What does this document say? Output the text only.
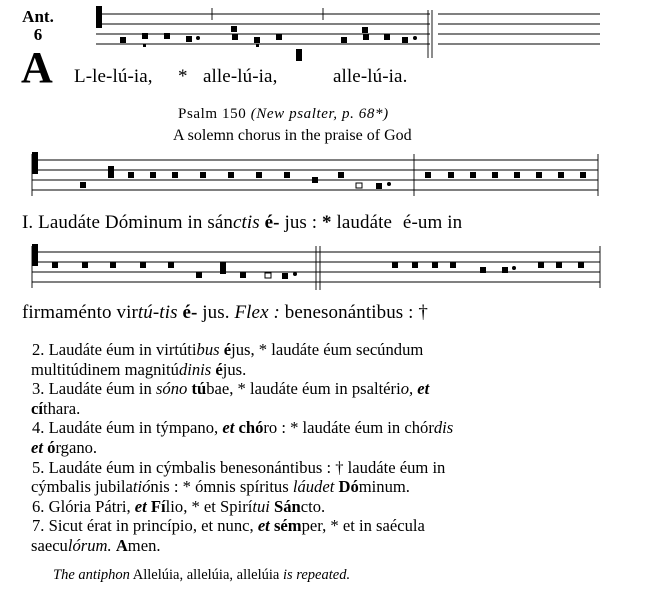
Ant.
6
A L-le-lú-ia, * alle-lú-ia,	alle-lú-ia.
Psalm 150 (New psalter, p. 68*)
A solemn chorus in the praise of God
I. Laudáte Dóminum in sánctis é- jus : * laudáte é-um in
firmaménto virtú-tis é- jus. Flex : benesonántibus : †
2. Laudáte éum in virtútibus éjus, * laudáte éum secúndum
multitúdinem magnitúdinis éjus.
3. Laudáte éum in sóno túbae, * laudáte éum in psaltério, et
cíthara.
4. Laudáte éum in týmpano, et chóro : * laudáte éum in chórdis
et órgano.
5. Laudáte éum in cýmbalis benesonántibus : † laudáte éum in
cýmbalis jubilatiónis : * ómnis spíritus láudet Dóminum.
6. Glória Pátri, et Fílio, * et Spirítui Sáncto.
7. Sicut érat in princípio, et nunc, et sémper, * et in saécula
saeculórum. Amen.
The antiphon Allelúia, allelúia, allelúia is repeated.
